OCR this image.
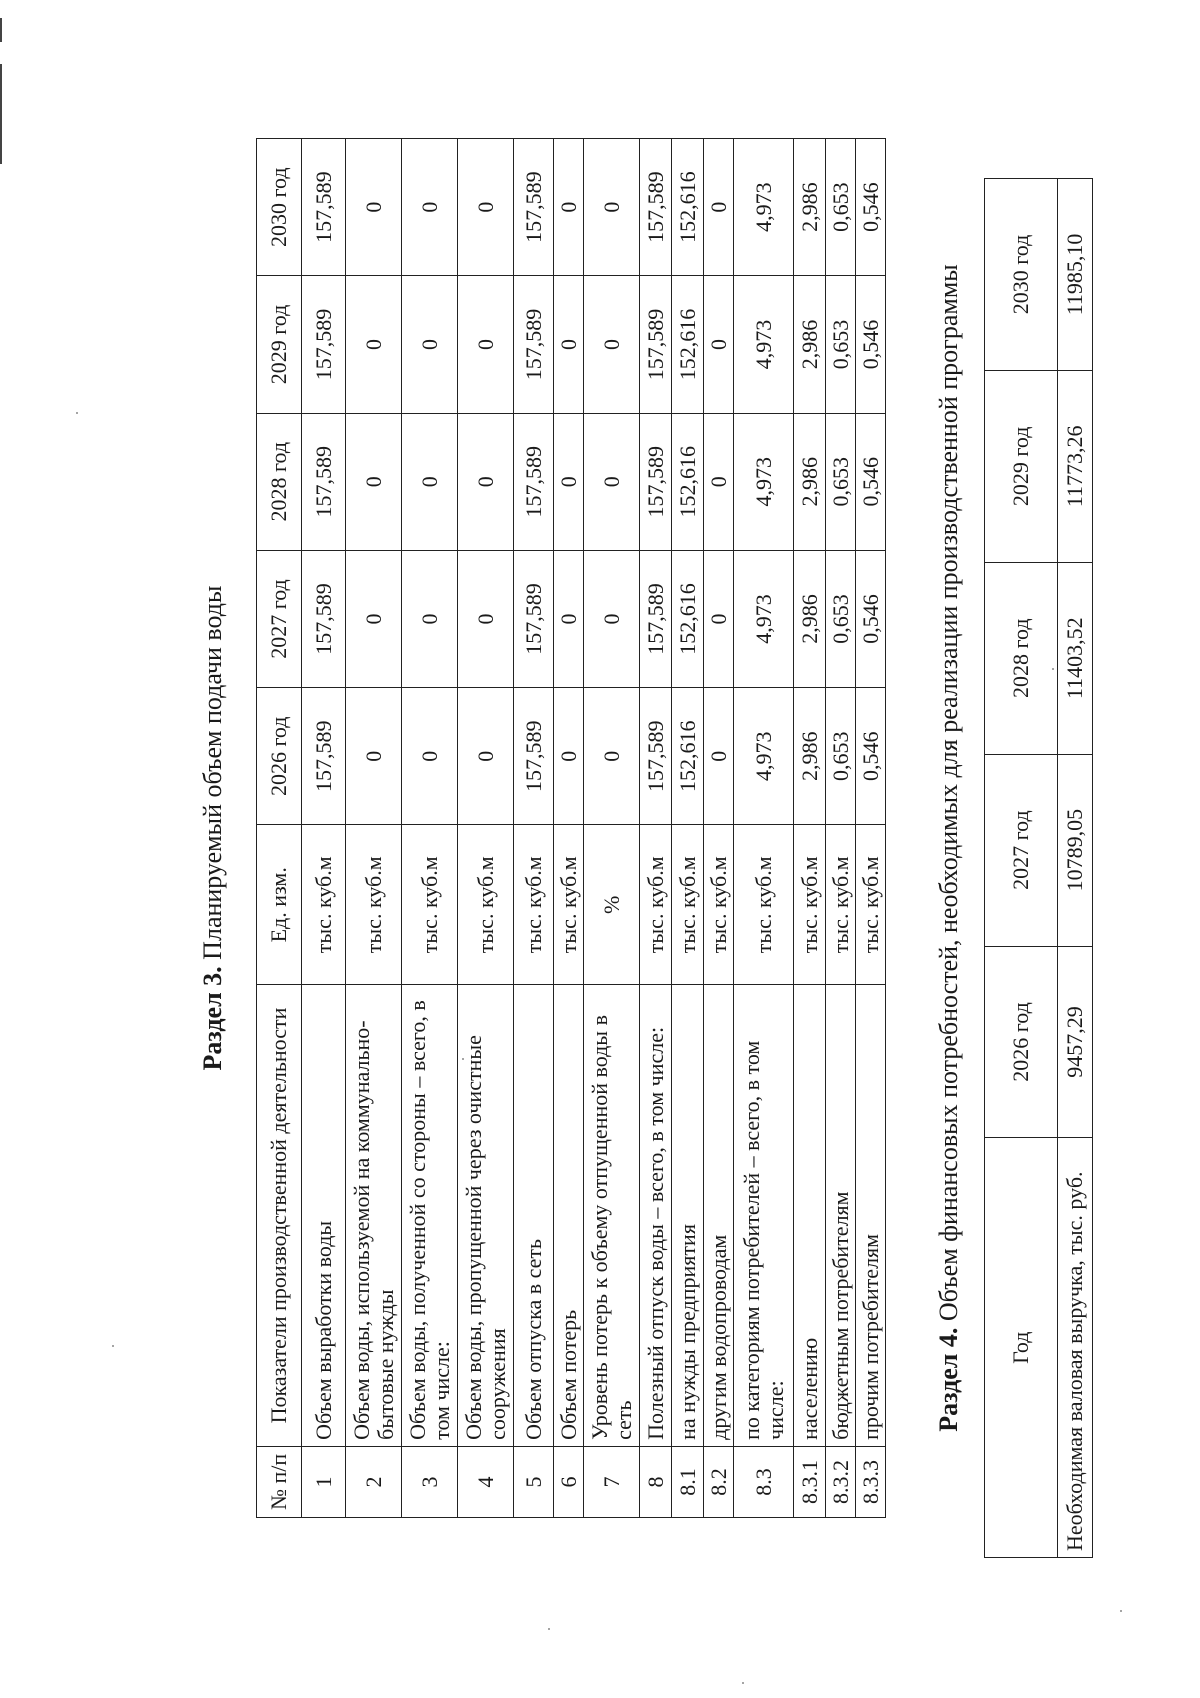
Раздел 3. Планируемый объем подачи воды

№ п/п	Показатели производственной деятельности	Ед. изм.	2026 год	2027 год	2028 год	2029 год	2030 год
1	Объем выработки воды	тыс. куб.м	157,589	157,589	157,589	157,589	157,589
2	Объем воды, используемой на коммунально-бытовые нужды	тыс. куб.м	0	0	0	0	0
3	Объем воды, полученной со стороны – всего, в том числе:	тыс. куб.м	0	0	0	0	0
4	Объем воды, пропущенной через очистные сооружения	тыс. куб.м	0	0	0	0	0
5	Объем отпуска в сеть	тыс. куб.м	157,589	157,589	157,589	157,589	157,589
6	Объем потерь	тыс. куб.м	0	0	0	0	0
7	Уровень потерь к объему отпущенной воды в сеть	%	0	0	0	0	0
8	Полезный отпуск воды – всего, в том числе:	тыс. куб.м	157,589	157,589	157,589	157,589	157,589
8.1	на нужды предприятия	тыс. куб.м	152,616	152,616	152,616	152,616	152,616
8.2	другим водопроводам	тыс. куб.м	0	0	0	0	0
8.3	по категориям потребителей – всего, в том числе:	тыс. куб.м	4,973	4,973	4,973	4,973	4,973
8.3.1	населению	тыс. куб.м	2,986	2,986	2,986	2,986	2,986
8.3.2	бюджетным потребителям	тыс. куб.м	0,653	0,653	0,653	0,653	0,653
8.3.3	прочим потребителям	тыс. куб.м	0,546	0,546	0,546	0,546	0,546

Раздел 4. Объем финансовых потребностей, необходимых для реализации производственной программы

Год	2026 год	2027 год	2028 год	2029 год	2030 год
Необходимая валовая выручка, тыс. руб.	9457,29	10789,05	11403,52	11773,26	11985,10
